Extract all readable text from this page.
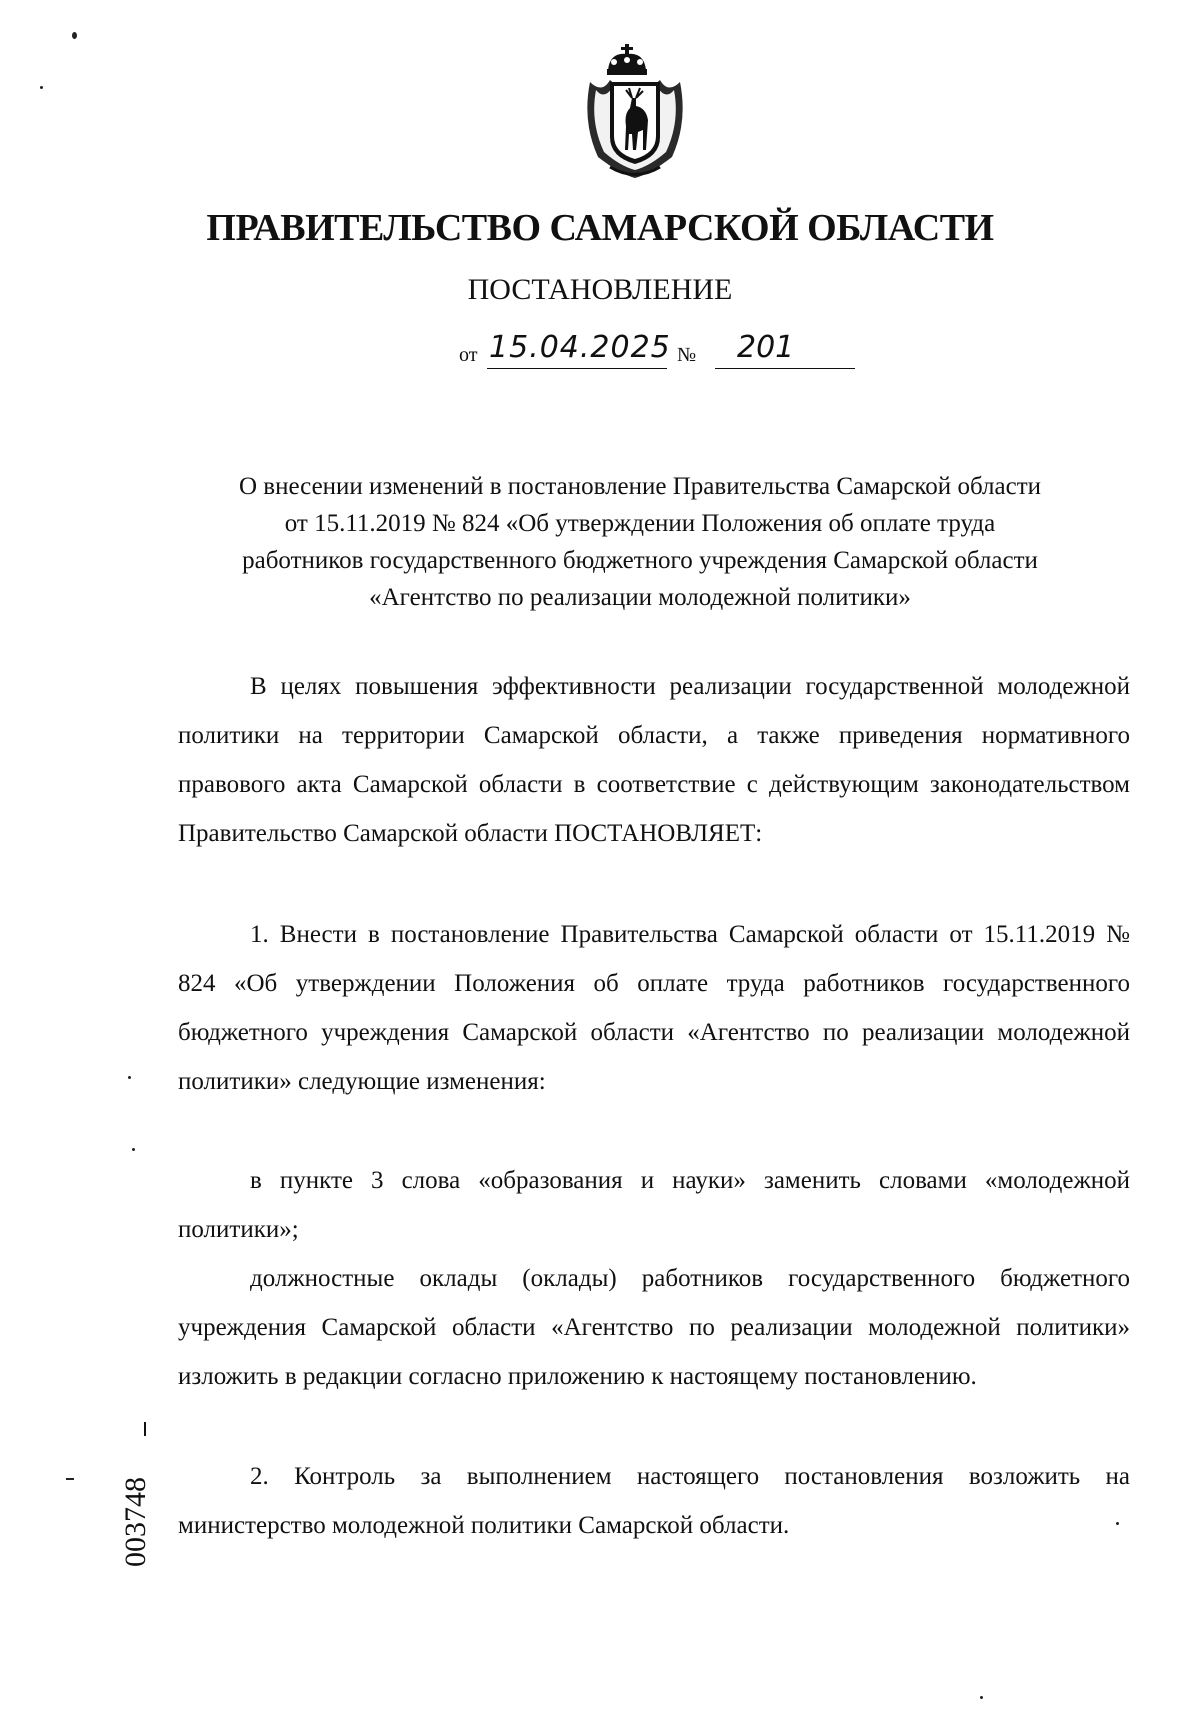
ПРАВИТЕЛЬСТВО САМАРСКОЙ ОБЛАСТИ
ПОСТАНОВЛЕНИЕ
от 15.04.2025 № 201
О внесении изменений в постановление Правительства Самарской области
от 15.11.2019 № 824 «Об утверждении Положения об оплате труда
работников государственного бюджетного учреждения Самарской области
«Агентство по реализации молодежной политики»

В целях повышения эффективности реализации государственной молодежной политики на территории Самарской области, а также приведения нормативного правового акта Самарской области в соответствие с действующим законодательством Правительство Самарской области ПОСТАНОВЛЯЕТ:

1. Внести в постановление Правительства Самарской области от 15.11.2019 № 824 «Об утверждении Положения об оплате труда работников государственного бюджетного учреждения Самарской области «Агентство по реализации молодежной политики» следующие изменения:

в пункте 3 слова «образования и науки» заменить словами «молодежной политики»;

должностные оклады (оклады) работников государственного бюджетного учреждения Самарской области «Агентство по реализации молодежной политики» изложить в редакции согласно приложению к настоящему постановлению.

2. Контроль за выполнением настоящего постановления возложить на министерство молодежной политики Самарской области.

003748
